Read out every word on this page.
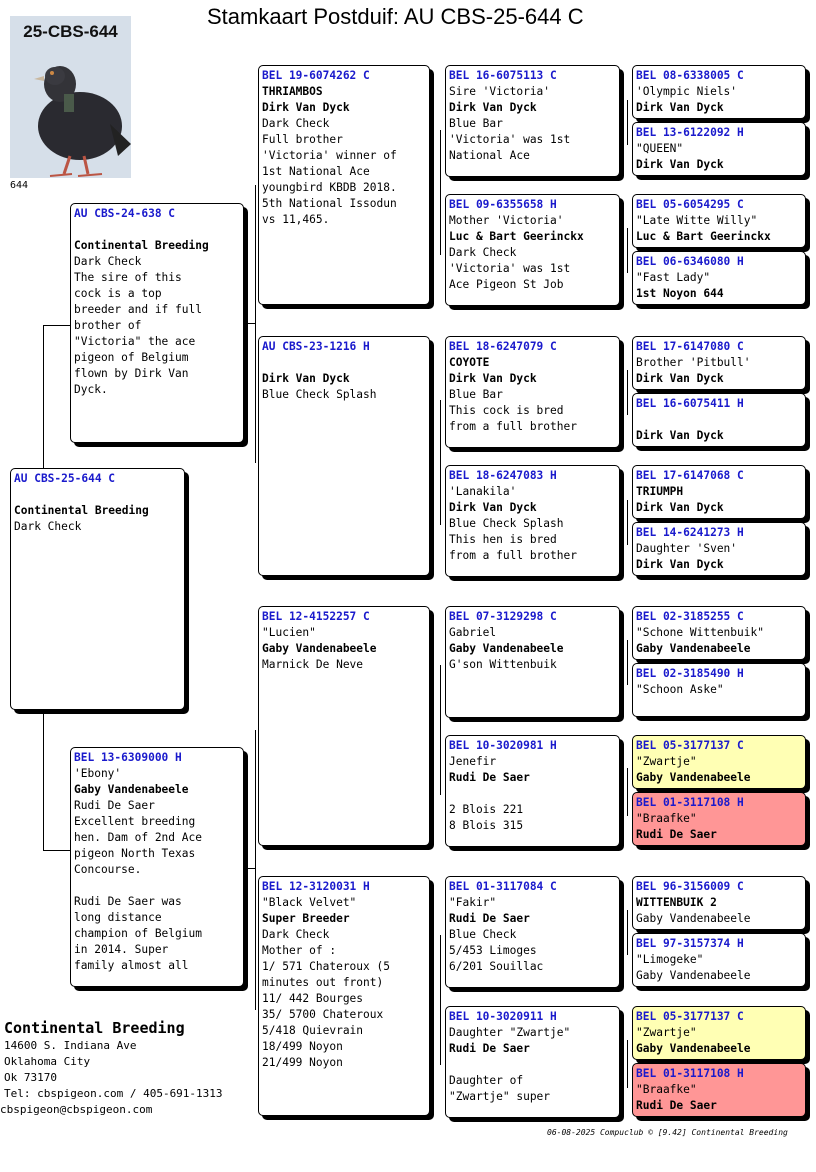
Stamkaart Postduif: AU CBS-25-644 C
25-CBS-644
644
AU CBS-25-644 C

Continental Breeding
Dark Check
AU CBS-24-638 C

Continental Breeding
Dark Check
The sire of this
cock is a top
breeder and if full
brother of
"Victoria" the ace
pigeon of Belgium
flown by Dirk Van
Dyck.
BEL 13-6309000 H
'Ebony'
Gaby Vandenabeele
Rudi De Saer
Excellent breeding
hen. Dam of 2nd Ace
pigeon North Texas
Concourse.

Rudi De Saer was
long distance
champion of Belgium
in 2014. Super
family almost all
BEL 19-6074262 C
THRIAMBOS
Dirk Van Dyck
Dark Check
Full brother
'Victoria' winner of
1st National Ace
youngbird KBDB 2018.
5th National Issodun
vs 11,465.
AU CBS-23-1216 H

Dirk Van Dyck
Blue Check Splash
BEL 12-4152257 C
"Lucien"
Gaby Vandenabeele
Marnick De Neve
BEL 12-3120031 H
"Black Velvet"
Super Breeder
Dark Check
Mother of :
1/ 571 Chateroux (5
minutes out front)
11/ 442 Bourges
35/ 5700 Chateroux
5/418 Quievrain
18/499 Noyon
21/499 Noyon
BEL 16-6075113 C
Sire 'Victoria'
Dirk Van Dyck
Blue Bar
'Victoria' was 1st
National Ace
BEL 09-6355658 H
Mother 'Victoria'
Luc & Bart Geerinckx
Dark Check
'Victoria' was 1st
Ace Pigeon St Job
BEL 18-6247079 C
COYOTE
Dirk Van Dyck
Blue Bar
This cock is bred
from a full brother
BEL 18-6247083 H
'Lanakila'
Dirk Van Dyck
Blue Check Splash
This hen is bred
from a full brother
BEL 07-3129298 C
Gabriel
Gaby Vandenabeele
G'son Wittenbuik
BEL 10-3020981 H
Jenefir
Rudi De Saer

2 Blois 221
8 Blois 315
BEL 01-3117084 C
"Fakir"
Rudi De Saer
Blue Check
5/453 Limoges
6/201 Souillac
BEL 10-3020911 H
Daughter "Zwartje"
Rudi De Saer

Daughter of
"Zwartje" super
BEL 08-6338005 C
'Olympic Niels'
Dirk Van Dyck
BEL 13-6122092 H
"QUEEN"
Dirk Van Dyck
BEL 05-6054295 C
"Late Witte Willy"
Luc & Bart Geerinckx
BEL 06-6346080 H
"Fast Lady"
1st Noyon 644
BEL 17-6147080 C
Brother 'Pitbull'
Dirk Van Dyck
BEL 16-6075411 H

Dirk Van Dyck
BEL 17-6147068 C
TRIUMPH
Dirk Van Dyck
BEL 14-6241273 H
Daughter 'Sven'
Dirk Van Dyck
BEL 02-3185255 C
"Schone Wittenbuik"
Gaby Vandenabeele
BEL 02-3185490 H
"Schoon Aske"
BEL 05-3177137 C
"Zwartje"
Gaby Vandenabeele
BEL 01-3117108 H
"Braafke"
Rudi De Saer
BEL 96-3156009 C
WITTENBUIK 2
Gaby Vandenabeele
BEL 97-3157374 H
"Limogeke"
Gaby Vandenabeele
BEL 05-3177137 C
"Zwartje"
Gaby Vandenabeele
BEL 01-3117108 H
"Braafke"
Rudi De Saer
Continental Breeding
14600 S. Indiana Ave
Oklahoma City
Ok 73170
Tel: cbspigeon.com / 405-691-1313
cbspigeon@cbspigeon.com
06-08-2025 Compuclub © [9.42] Continental Breeding
